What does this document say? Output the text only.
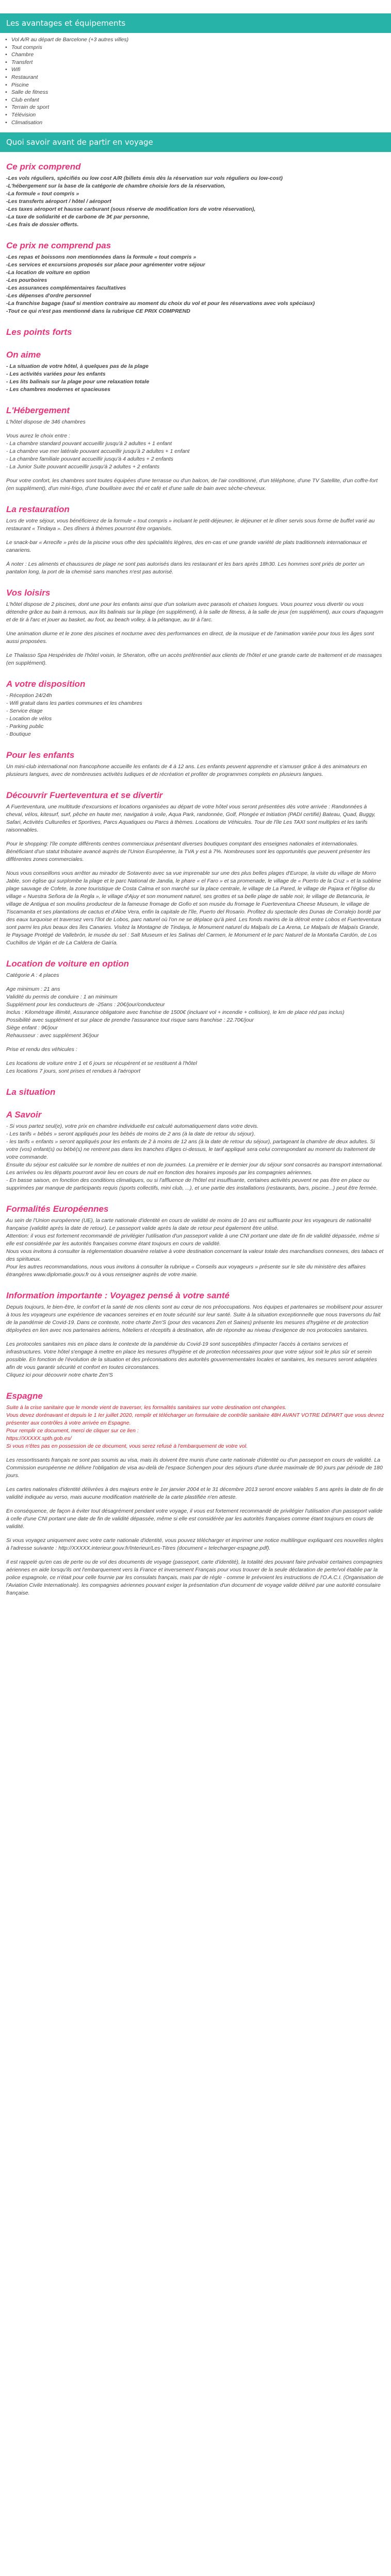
Les avantages et équipements
• Vol A/R au départ de Barcelone (+3 autres villes)
• Tout compris
• Chambre
• Transfert
• Wifi
• Restaurant
• Piscine
• Salle de fitness
• Club enfant
• Terrain de sport
• Télévision
• Climatisation
Quoi savoir avant de partir en voyage
Ce prix comprend

-Les vols réguliers, spécifiés ou low cost A/R (billets émis dès la réservation sur vols réguliers ou low-cost)

-L'hébergement sur la base de la catégorie de chambre choisie lors de la réservation,

-La formule « tout compris »

-Les transferts aéroport / hôtel / aéroport

-Les taxes aéroport et hausse carburant (sous réserve de modification lors de votre réservation),

-La taxe de solidarité et de carbone de 3€ par personne,

-Les frais de dossier offerts.

Ce prix ne comprend pas

-Les repas et boissons non mentionnées dans la formule « tout compris »

-Les services et excursions proposés sur place pour agrémenter votre séjour

-La location de voiture en option

-Les pourboires

-Les assurances complémentaires facultatives

-Les dépenses d'ordre personnel

-La franchise bagage (sauf si mention contraire au moment du choix du vol et pour les réservations avec vols spéciaux)

-Tout ce qui n'est pas mentionné dans la rubrique CE PRIX COMPREND

Les points forts
On aime

- La situation de votre hôtel, à quelques pas de la plage

- Les activités variées pour les enfants

- Les lits balinais sur la plage pour une relaxation totale

- Les chambres modernes et spacieuses

L'Hébergement

L'hôtel dispose de 346 chambres

Vous aurez le choix entre :

- La chambre standard pouvant accueillir jusqu'à 2 adultes + 1 enfant

- La chambre vue mer latérale pouvant accueillir jusqu'à 2 adultes + 1 enfant

- La chambre familiale pouvant accueillir jusqu'à 4 adultes + 2 enfants

- La Junior Suite pouvant accueillir jusqu'à 2 adultes + 2 enfants

Pour votre confort, les chambres sont toutes équipées d'une terrasse ou d'un balcon, de l'air conditionné, d'un téléphone, d'une TV Satellite, d'un coffre-fort (en supplément), d'un mini-frigo, d'une bouilloire avec thé et café et d'une salle de bain avec sèche-cheveux.

La restauration

Lors de votre séjour, vous bénéficierez de la formule « tout compris » incluant le petit-déjeuner, le déjeuner et le dîner servis sous forme de buffet varié au restaurant « Tindaya ». Des dîners à thèmes pourront être organisés.

Le snack-bar « Arrecife » près de la piscine vous offre des spécialités légères, des en-cas et une grande variété de plats traditionnels internationaux et canariens.

À noter : Les aliments et chaussures de plage ne sont pas autorisés dans les restaurant et les bars après 18h30. Les hommes sont priés de porter un pantalon long, la port de la chemisé sans manches n'est pas autorisé.

Vos loisirs

L'hôtel dispose de 2 piscines, dont une pour les enfants ainsi que d'un solarium avec parasols et chaises longues. Vous pourrez vous divertir ou vous détendre grâce au bain à remous, aux lits balinais sur la plage (en supplément), à la salle de fitness, à la salle de jeux (en supplément), aux cours d'aquagym et de tir à l'arc et jouer au basket, au foot, au beach volley, à la pétanque, au tir à l'arc.

Une animation diurne et le zone des piscines et nocturne avec des performances en direct, de la musique et de l'animation variée pour tous les âges sont aussi proposées.

Le Thalasso Spa Hespérides de l'hôtel voisin, le Sheraton, offre un accès préférentiel aux clients de l'hôtel et une grande carte de traitement et de massages (en supplément).

A votre disposition

- Réception 24/24h

- Wifi gratuit dans les parties communes et les chambres

- Service étage

- Location de vélos

- Parking public

- Boutique

Pour les enfants

Un mini-club international non francophone accueille les enfants de 4 à 12 ans. Les enfants peuvent apprendre et s'amuser grâce à des animateurs en plusieurs langues, avec de nombreuses activités ludiques et de récréation et profiter de programmes complets en plusieurs langues.

Découvrir Fuerteventura et se divertir

A Fuerteventura, une multitude d'excursions et locations organisées au départ de votre hôtel vous seront présentées dès votre arrivée : Randonnées à cheval, vélos, kitesurf, surf, pêche en haute mer, navigation à voile, Aqua Park, randonnée, Golf, Plongée et Initiation (PADI certifié) Bateau, Quad, Buggy, Safari, Activités Culturelles et Sportives, Parcs Aquatiques ou Parcs à thèmes. Locations de Véhicules. Tour de l'île Les TAXI sont multiples et les tarifs raisonnables.

Pour le shopping: l'île compte différents centres commerciaux présentant diverses boutiques comptant des enseignes nationales et internationales. Bénéficiant d'un statut tributaire avancé auprès de l'Union Européenne, la TVA y est à 7%. Nombreuses sont les opportunités que peuvent présenter les différentes zones commerciales.

Nous vous conseillons vous arrêter au mirador de Sotavento avec sa vue imprenable sur une des plus belles plages d'Europe, la visite du village de Morro Jable, son église qui surplombe la plage et le parc National de Jandia, le phare « el Faro » et sa promenade, le village de « Puerto de la Cruz » et la sublime plage sauvage de Cofete, la zone touristique de Costa Calma et son marché sur la place centrale, le village de La Pared, le village de Pajara et l'église du village « Nuestra Señora de la Regla », le village d'Ajuy et son monument naturel, ses grottes et sa belle plage de sable noir, le village de Betancuria, le village de Antigua et son moulins producteur de la fameuse fromage de Gofio et son musée du fromage le Fuerteventura Cheese Museum, le village de Tiscamanita et ses plantations de cactus et d'Aloe Vera, enfin la capitale de l'île, Puerto del Rosario. Profitez du spectacle des Dunas de Corralejo bordé par des eaux turquoise et traversez vers l'îlot de Lobos, parc naturel où l'on ne se déplace qu'à pied. Les fonds marins de la détroit entre Lobos et Fuerteventura sont parmi les plus beaux des îles Canaries. Visitez la Montagne de Tindaya, le Monument naturel du Malpaís de La Arena, Le Malpaís de Malpaís Grande, le Paysage Protégé de Vallebrón, le musée du sel : Salt Museum et les Salinas del Carmen, le Monument et le parc Naturel de la Montaña Cardón, de Los Cuchillos de Vigán et de La Caldera de Gairía.

Location de voiture en option

Catégorie A : 4 places

Age minimum : 21 ans

Validité du permis de conduire : 1 an minimum

Supplément pour les conducteurs de -25ans : 20€/jour/conducteur

Inclus : Kilométrage illimité, Assurance obligatoire avec franchise de 1500€ (incluant vol + incendie + collision), le km de place réd pas inclus)

Possibilité avec supplément et sur place de prendre l'assurance tout risque sans franchise : 22.70€/jour

Siège enfant : 9€/jour

Rehausseur : avec supplément 3€/jour

Prise et rendu des véhicules :

Les locations de voiture entre 1 et 6 jours se récupèrent et se restituent à l'hôtel

Les locations 7 jours, sont prises et rendues à l'aéroport

La situation
A Savoir

- Si vous partez seul(e), votre prix en chambre individuelle est calculé automatiquement dans votre devis.

- Les tarifs « bébés » seront appliqués pour les bébés de moins de 2 ans (à la date de retour du séjour).

- les tarifs « enfants » seront appliqués pour les enfants de 2 à moins de 12 ans (à la date de retour du séjour), partageant la chambre de deux adultes. Si votre (vos) enfant(s) ou bébé(s) ne rentrent pas dans les tranches d'âges ci-dessus, le tarif appliqué sera celui correspondant au moment du traitement de votre commande.

Ensuite du séjour est calculée sur le nombre de nuitées et non de journées. La première et le dernier jour du séjour sont consacrés au transport international. Les arrivées ou les départs pourront avoir lieu en cours de nuit en fonction des horaires imposés par les compagnies aériennes.

- En basse saison, en fonction des conditions climatiques, ou si l'affluence de l'hôtel est insuffisante, certaines activités peuvent ne pas être en place ou supprimées par manque de participants requis (sports collectifs, mini club, ...), et une partie des installations (restaurants, bars, piscine...) peut être fermée.

Formalités Européennes

Au sein de l'Union européenne (UE), la carte nationale d'identité en cours de validité de moins de 10 ans est suffisante pour les voyageurs de nationalité française (validité après la date de retour). Le passeport valide après la date de retour peut également être utilisé.

Attention: il vous est fortement recommandé de privilégier l'utilisation d'un passeport valide à une CNI portant une date de fin de validité dépassée, même si elle est considérée par les autorités françaises comme étant toujours en cours de validité.

Nous vous invitons à consulter la réglementation douanière relative à votre destination concernant la valeur totale des marchandises connexes, des tabacs et des spiritueux.

Pour les autres recommandations, nous vous invitons à consulter la rubrique « Conseils aux voyageurs » présente sur le site du ministère des affaires étrangères www.diplomatie.gouv.fr ou à vous renseigner auprès de votre mairie.

Information importante : Voyagez pensé à votre santé

Depuis toujours, le bien-être, le confort et la santé de nos clients sont au cœur de nos préoccupations. Nos équipes et partenaires se mobilisent pour assurer à tous les voyageurs une expérience de vacances sereines et en toute sécurité sur leur santé. Suite à la situation exceptionnelle que nous traversons du fait de la pandémie de Covid-19. Dans ce contexte, notre charte Zen'S (pour des vacances Zen et Saines) présente les mesures d'hygiène et de protection déployées en lien avec nos partenaires aériens, hôteliers et réceptifs à destination, afin de répondre au niveau d'exigence de nos protocoles sanitaires.

Les protocoles sanitaires mis en place dans le contexte de la pandémie du Covid-19 sont susceptibles d'impacter l'accès à certains services et infrastructures. Votre hôtel s'engage à mettre en place les mesures d'hygiène et de protection nécessaires pour que votre séjour soit le plus sûr et serein possible. En fonction de l'évolution de la situation et des préconisations des autorités gouvernementales locales et sanitaires, les mesures seront adaptées afin de vous garantir sécurité et confort en toutes circonstances.

Cliquez ici pour découvrir notre charte Zen'S

Espagne

Suite à la crise sanitaire que le monde vient de traverser, les formalités sanitaires sur votre destination ont changées.

Vous devez dorénavant et depuis le 1 Ier juillet 2020, remplir et télécharger un formulaire de contrôle sanitaire 48H AVANT VOTRE DÉPART que vous devrez présenter aux contrôles à votre arrivée en Espagne.

Pour remplir ce document, merci de cliquer sur ce lien :

https://XXXXX.spth.gob.es/

Si vous n'êtes pas en possession de ce document, vous serez refusé à l'embarquement de votre vol.

Les ressortissants français ne sont pas soumis au visa, mais ils doivent être munis d'une carte nationale d'identité ou d'un passeport en cours de validité. La Commission européenne ne délivre l'obligation de visa au-delà de l'espace Schengen pour des séjours d'une durée maximale de 90 jours par période de 180 jours.

Les cartes nationales d'identité délivrées à des majeurs entre le 1er janvier 2004 et le 31 décembre 2013 seront encore valables 5 ans après la date de fin de validité indiquée au verso, mais aucune modification matérielle de la carte plastifiée n'en atteste.

En conséquence, de façon à éviter tout désagrément pendant votre voyage, il vous est fortement recommandé de privilégier l'utilisation d'un passeport valide à celle d'une CNI portant une date de fin de validité dépassée, même si elle est considérée par les autorités françaises comme étant toujours en cours de validité.

Si vous voyagez uniquement avec votre carte nationale d'identité, vous pouvez télécharger et imprimer une notice multilingue expliquant ces nouvelles règles à l'adresse suivante : http://XXXXX.interieur.gouv.fr/Interieur/Les-Titres (document « telecharger-espagne.pdf).

Il est rappelé qu'en cas de perte ou de vol des documents de voyage (passeport, carte d'identité), la totalité des pouvant faire prévaloir certaines compagnies aériennes en aide lorsqu'ils ont l'embarquement vers la France et inversement Français pour vous trouver de la seule déclaration de perte/vol établie par la police espagnole, ce n'était pour celle fournie par les consulats français, mais par de régle - comme le prévoient les instructions de l'O.A.C.I. (Organisation de l'Aviation Civile Internationale). les compagnies aériennes pouvant exiger la présentation d'un document de voyage valide délivré par une autorité consulaire française.
